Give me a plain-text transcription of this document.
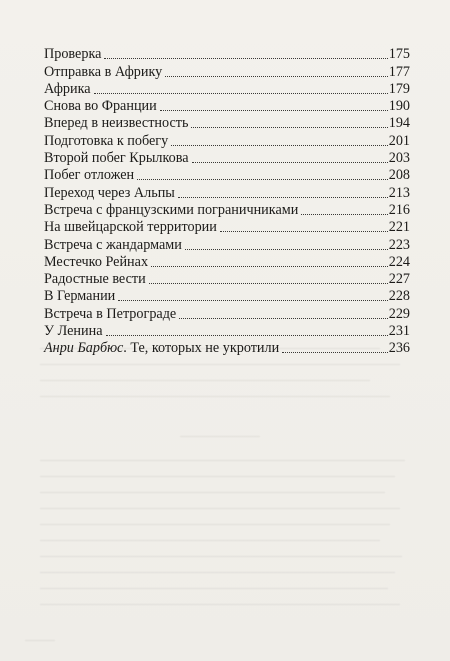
Проверка	175
Отправка в Африку	177
Африка	179
Снова во Франции	190
Вперед в неизвестность	194
Подготовка к побегу	201
Второй побег Крылкова	203
Побег отложен	208
Переход через Альпы	213
Встреча с французскими пограничниками	216
На швейцарской территории	221
Встреча с жандармами	223
Местечко Рейнах	224
Радостные вести	227
В Германии	228
Встреча в Петрограде	229
У Ленина	231
Анри Барбюс. Те, которых не укротили	236
